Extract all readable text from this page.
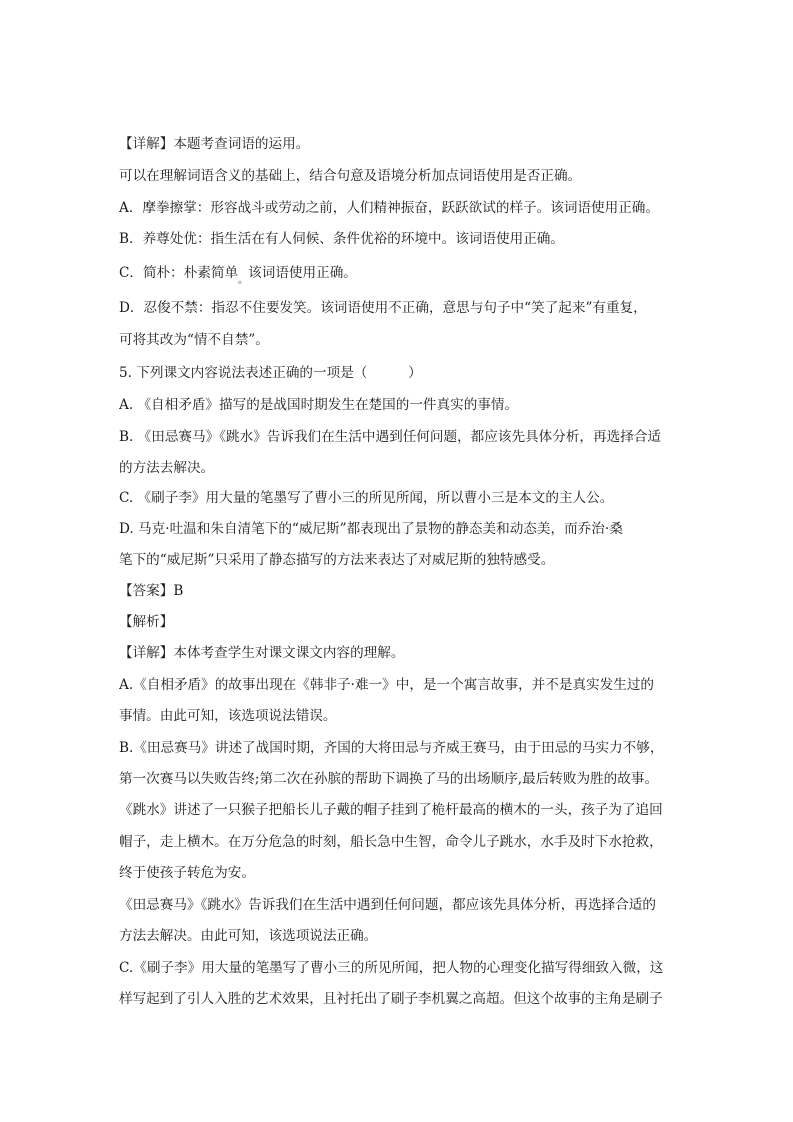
【详解】本题考查词语的运用。
可以在理解词语含义的基础上，结合句意及语境分析加点词语使用是否正确。
A．摩拳擦掌：形容战斗或劳动之前，人们精神振奋，跃跃欲试的样子。该词语使用正确。
B．养尊处优：指生活在有人伺候、条件优裕的环境中。该词语使用正确。
C．简朴：朴素简单$_。$该词语使用正确。
D．忍俊不禁：指忍不住要发笑。该词语使用不正确，意思与句子中“笑了起来”有重复，
可将其改为“情不自禁”。
5. 下列课文内容说法表述正确的一项是（　　　）
A. 《自相矛盾》描写的是战国时期发生在楚国的一件真实的事情。
B. 《田忌赛马》《跳水》告诉我们在生活中遇到任何问题，都应该先具体分析，再选择合适
的方法去解决。
C. 《刷子李》用大量的笔墨写了曹小三的所见所闻，所以曹小三是本文的主人公。
D. 马克·吐温和朱自清笔下的“威尼斯”都表现出了景物的静态美和动态美，而乔治·桑
笔下的“威尼斯”只采用了静态描写的方法来表达了对威尼斯的独特感受。
【答案】B
【解析】
【详解】本体考查学生对课文课文内容的理解。
A.《自相矛盾》的故事出现在《韩非子·难一》中，是一个寓言故事，并不是真实发生过的
事情。由此可知，该选项说法错误。
B.《田忌赛马》讲述了战国时期，齐国的大将田忌与齐威王赛马，由于田忌的马实力不够，
第一次赛马以失败告终;第二次在孙膑的帮助下调换了马的出场顺序,最后转败为胜的故事。
《跳水》讲述了一只猴子把船长儿子戴的帽子挂到了桅杆最高的横木的一头，孩子为了追回
帽子，走上横木。在万分危急的时刻，船长急中生智，命令儿子跳水，水手及时下水抢救，
终于使孩子转危为安。
《田忌赛马》《跳水》告诉我们在生活中遇到任何问题，都应该先具体分析，再选择合适的
方法去解决。由此可知，该选项说法正确。
C.《刷子李》用大量的笔墨写了曹小三的所见所闻，把人物的心理变化描写得细致入微，这
样写起到了引人入胜的艺术效果，且衬托出了刷子李机翼之高超。但这个故事的主角是刷子
